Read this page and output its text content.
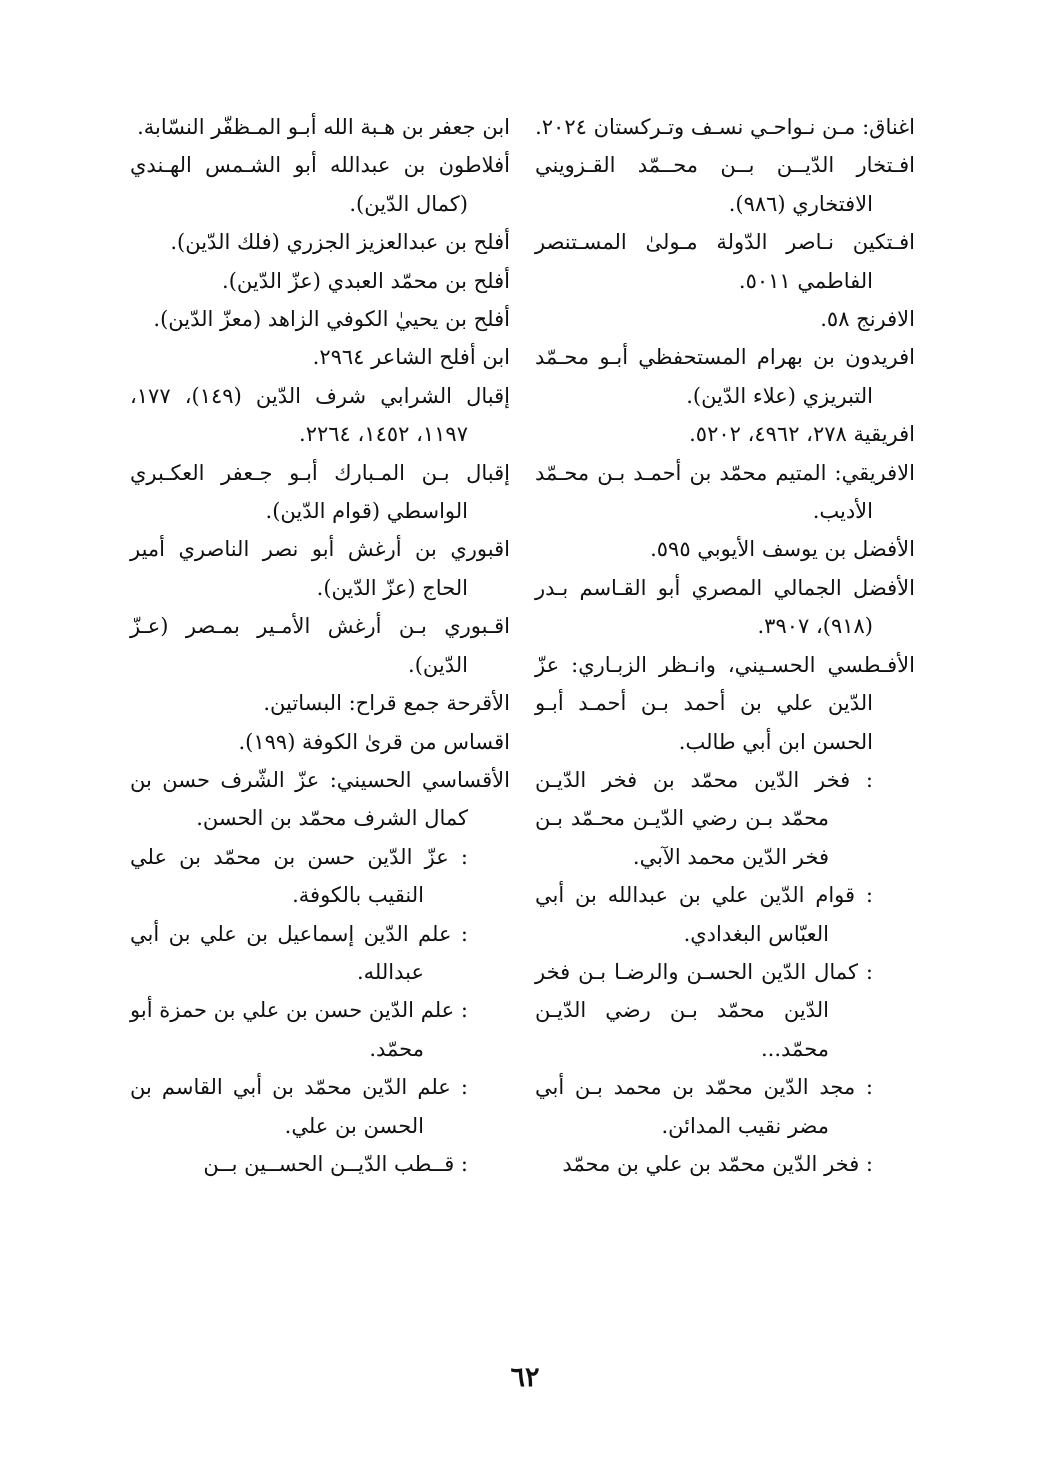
اغناق: مـن نـواحـي نسـف وتـركستان ٢٠٢٤.

افـتخار الدّيــن بــن محــمّد القـزويني الافتخاري (٩٨٦).

افـتكين نـاصر الدّولة مـولىٰ المسـتنصر الفاطمي ٥٠١١.

الافرنج ٥٨.

افريدون بن بهرام المستحفظي أبـو محـمّد التبريزي (علاء الدّين).

افريقية ٢٧٨، ٤٩٦٢، ٥٢٠٢.

الافريقي: المتيم محمّد بن أحمـد بـن محـمّد الأديب.

الأفضل بن يوسف الأيوبي ٥٩٥.

الأفضل الجمالي المصري أبو القـاسم بـدر (٩١٨)، ٣٩٠٧.

الأفـطسي الحسـيني، وانـظر الزبـاري: عزّ الدّين علي بن أحمد بـن أحمـد أبـو الحسن ابن أبي طالب.

: فخر الدّين محمّد بن فخر الدّيـن محمّد بـن رضي الدّيـن محـمّد بـن فخر الدّين محمد الآبي.

: قوام الدّين علي بن عبدالله بن أبي العبّاس البغدادي.

: كمال الدّين الحسـن والرضـا بـن فخر الدّين محمّد بـن رضي الدّيـن محمّد...

: مجد الدّين محمّد بن محمد بـن أبي مضر نقيب المدائن.

: فخر الدّين محمّد بن علي بن محمّد

ابن جعفر بن هـبة الله أبـو المـظفّر النسّابة.

أفلاطون بن عبدالله أبو الشـمس الهـندي (كمال الدّين).

أفلح بن عبدالعزيز الجزري (فلك الدّين).

أفلح بن محمّد العبدي (عزّ الدّين).

أفلح بن يحييٰ الكوفي الزاهد (معزّ الدّين).

ابن أفلح الشاعر ٢٩٦٤.

إقبال الشرابي شرف الدّين (١٤٩)، ١٧٧، ١١٩٧، ١٤٥٢، ٢٢٦٤.

إقبال بـن المـبارك أبـو جـعفر العكـبري الواسطي (قوام الدّين).

اقبوري بن أرغش أبو نصر الناصري أمير الحاج (عزّ الدّين).

اقـبوري بـن أرغش الأمـير بمـصر (عـزّ الدّين).

الأقرحة جمع قراح: البساتين.

اقساس من قرىٰ الكوفة (١٩٩).

الأقساسي الحسيني: عزّ الشّرف حسن بن كمال الشرف محمّد بن الحسن.

: عزّ الدّين حسن بن محمّد بن علي النقيب بالكوفة.

: علم الدّين إسماعيل بن علي بن أبي عبدالله.

: علم الدّين حسن بن علي بن حمزة أبو محمّد.

: علم الدّين محمّد بن أبي القاسم بن الحسن بن علي.

: قــطب الدّيــن الحســين بــن

٦٢
